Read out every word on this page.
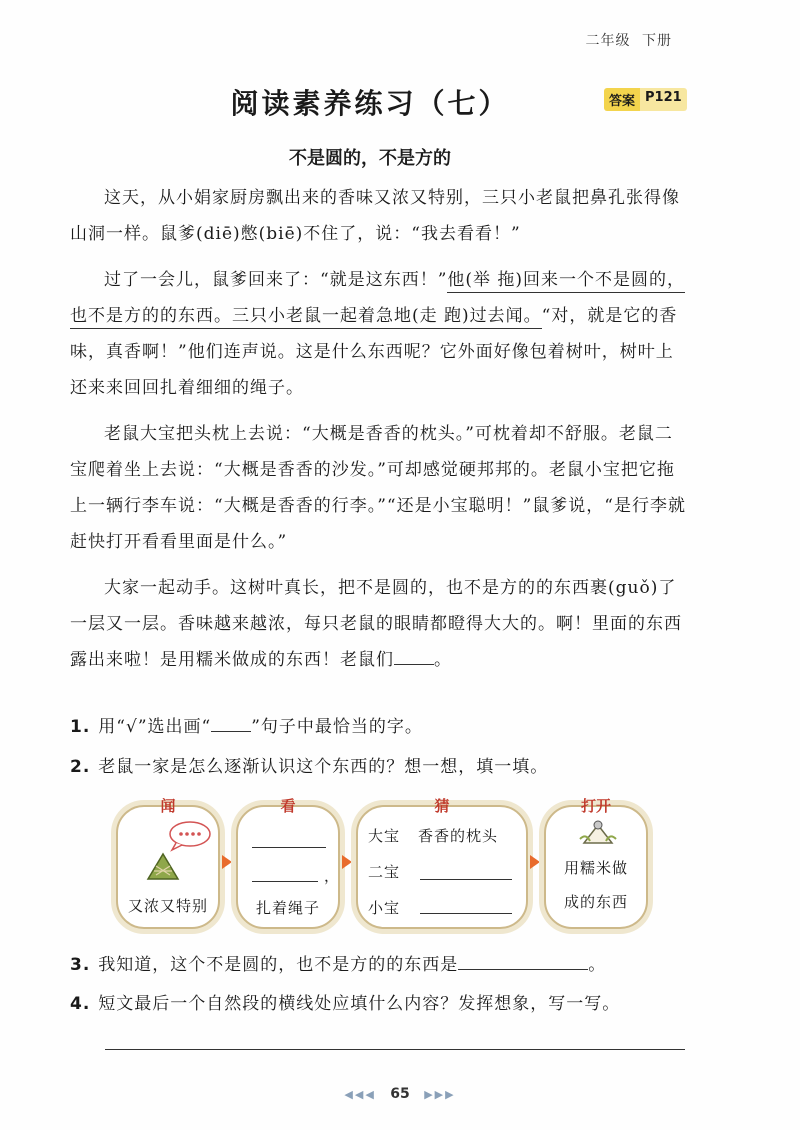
二年级 下册
阅读素养练习（七）	答案 P121
不是圆的，不是方的

这天，从小娟家厨房飘出来的香味又浓又特别，三只小老鼠把鼻孔张得像山洞一样。鼠爹(diē)憋(biē)不住了，说：“我去看看！”

过了一会儿，鼠爹回来了：“就是这东西！”他(举 拖)回来一个不是圆的，也不是方的的东西。三只小老鼠一起着急地(走 跑)过去闻。“对，就是它的香味，真香啊！”他们连声说。这是什么东西呢？它外面好像包着树叶，树叶上还来来回回扎着细细的绳子。

老鼠大宝把头枕上去说：“大概是香香的枕头。”可枕着却不舒服。老鼠二宝爬着坐上去说：“大概是香香的沙发。”可却感觉硬邦邦的。老鼠小宝把它拖上一辆行李车说：“大概是香香的行李。”“还是小宝聪明！”鼠爹说，“是行李就赶快打开看看里面是什么。”

大家一起动手。这树叶真长，把不是圆的，也不是方的的东西裹(guǒ)了一层又一层。香味越来越浓，每只老鼠的眼睛都瞪得大大的。啊！里面的东西露出来啦！是用糯米做成的东西！老鼠们 。

1. 用“√”选出画“ ”句子中最恰当的字。
2. 老鼠一家是怎么逐渐认识这个东西的？想一想，填一填。
3. 我知道，这个不是圆的，也不是方的的东西是	。
4. 短文最后一个自然段的横线处应填什么内容？发挥想象，写一写。
闻
又浓又特别
看
，
扎着绳子
猜
大宝 香香的枕头
二宝
小宝
打开
用糯米做
成的东西
◀◀◀ 65 ▶▶▶
